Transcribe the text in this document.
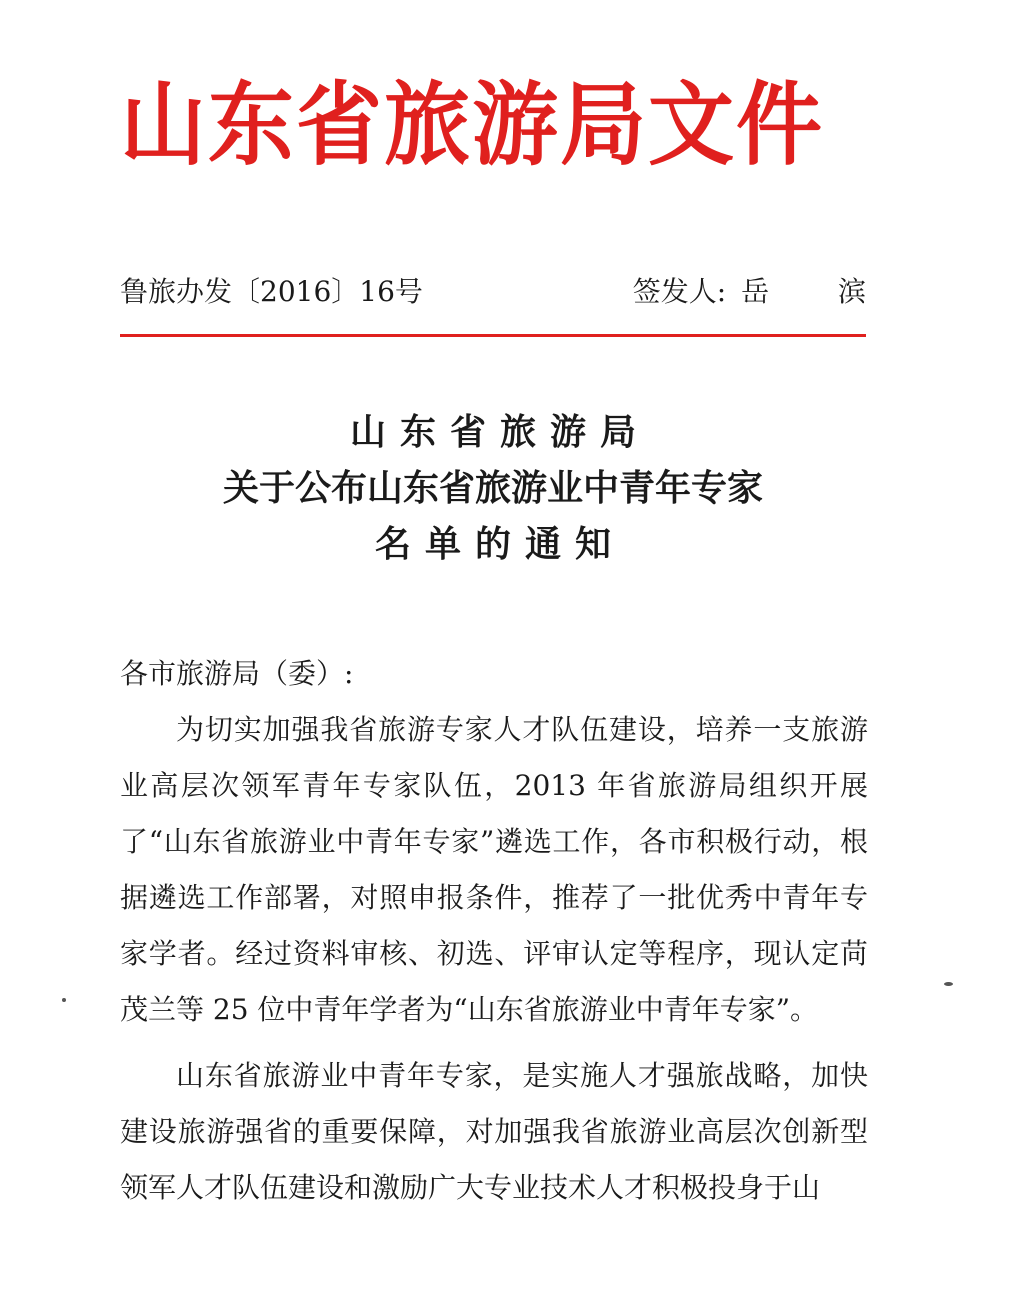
山东省旅游局文件
鲁旅办发〔2016〕16号	签发人: 岳 滨
山东省旅游局
关于公布山东省旅游业中青年专家
名单的通知
各市旅游局（委）:

为切实加强我省旅游专家人才队伍建设，培养一支旅游业高层次领军青年专家队伍，2013 年省旅游局组织开展了“山东省旅游业中青年专家”遴选工作，各市积极行动，根据遴选工作部署，对照申报条件，推荐了一批优秀中青年专家学者。经过资料审核、初选、评审认定等程序，现认定苘茂兰等 25 位中青年学者为“山东省旅游业中青年专家”。

山东省旅游业中青年专家，是实施人才强旅战略，加快建设旅游强省的重要保障，对加强我省旅游业高层次创新型领军人才队伍建设和激励广大专业技术人才积极投身于山
